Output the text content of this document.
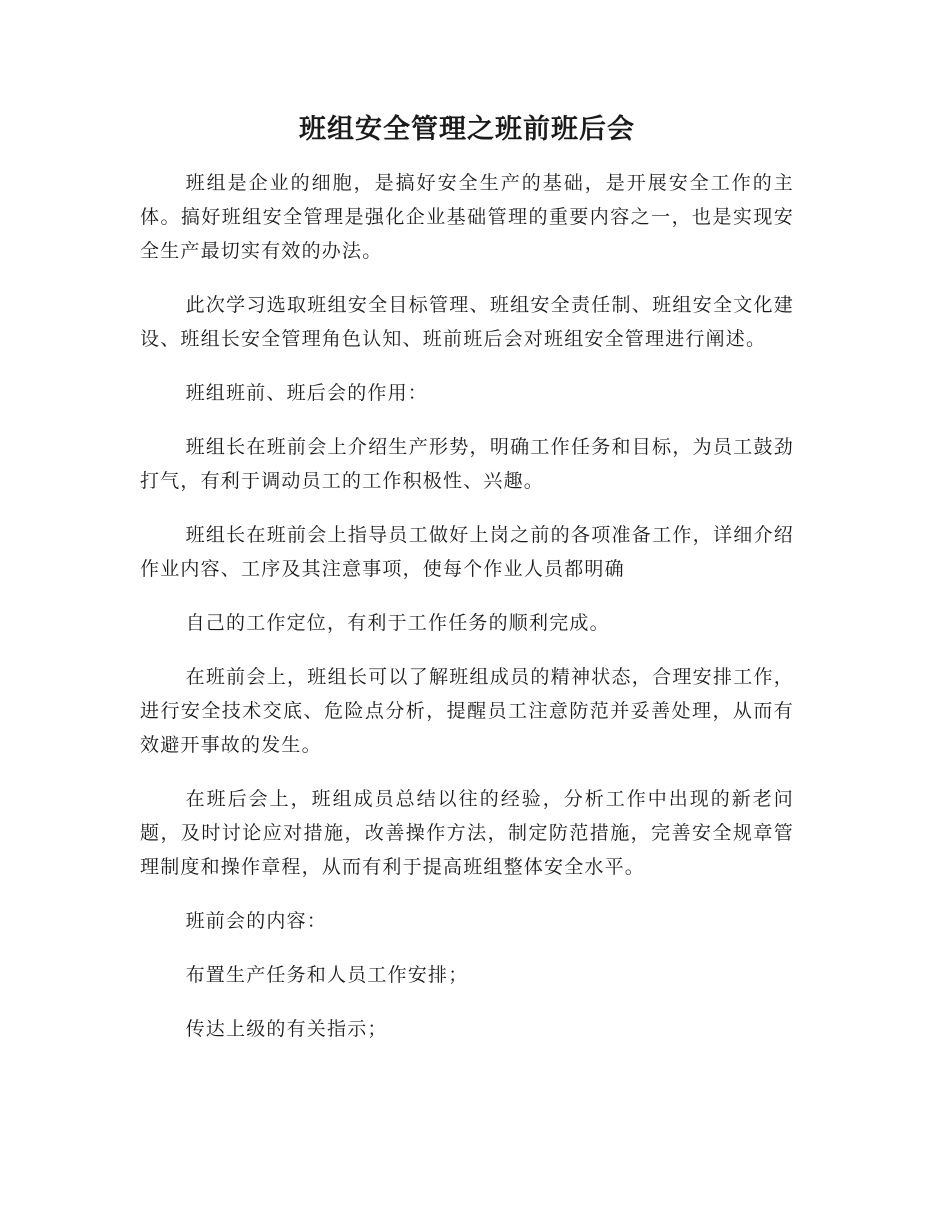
班组安全管理之班前班后会

班组是企业的细胞，是搞好安全生产的基础，是开展安全工作的主体。搞好班组安全管理是强化企业基础管理的重要内容之一，也是实现安全生产最切实有效的办法。

此次学习选取班组安全目标管理、班组安全责任制、班组安全文化建设、班组长安全管理角色认知、班前班后会对班组安全管理进行阐述。

班组班前、班后会的作用：

班组长在班前会上介绍生产形势，明确工作任务和目标，为员工鼓劲打气，有利于调动员工的工作积极性、兴趣。

班组长在班前会上指导员工做好上岗之前的各项准备工作，详细介绍作业内容、工序及其注意事项，使每个作业人员都明确

自己的工作定位，有利于工作任务的顺利完成。

在班前会上，班组长可以了解班组成员的精神状态，合理安排工作，进行安全技术交底、危险点分析，提醒员工注意防范并妥善处理，从而有效避开事故的发生。

在班后会上，班组成员总结以往的经验，分析工作中出现的新老问题，及时讨论应对措施，改善操作方法，制定防范措施，完善安全规章管理制度和操作章程，从而有利于提高班组整体安全水平。

班前会的内容：

布置生产任务和人员工作安排；

传达上级的有关指示；
